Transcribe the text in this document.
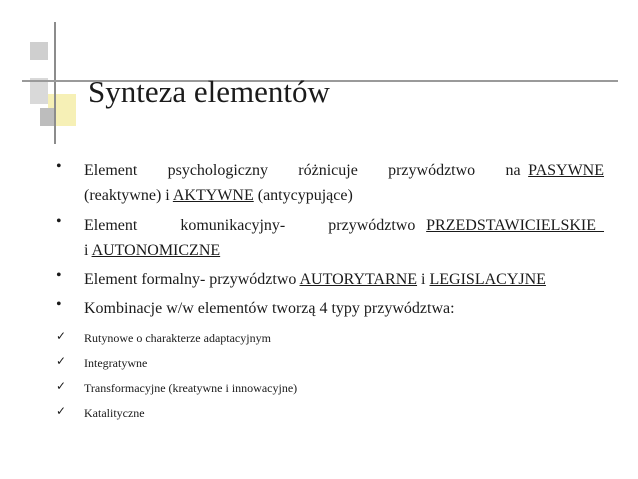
Synteza elementów
• Element    psychologiczny    różnicuje    przywództwo    na PASYWNE
(reaktywne) i AKTYWNE (antycypujące)
• Element    komunikacyjny-    przywództwo PRZEDSTAWICIELSKIE
i AUTONOMICZNE
• Element formalny- przywództwo AUTORYTARNE i LEGISLACYJNE
• Kombinacje w/w elementów tworzą 4 typy przywództwa:
✓ Rutynowe o charakterze adaptacyjnym
✓ Integratywne
✓ Transformacyjne (kreatywne i innowacyjne)
✓ Katalityczne
